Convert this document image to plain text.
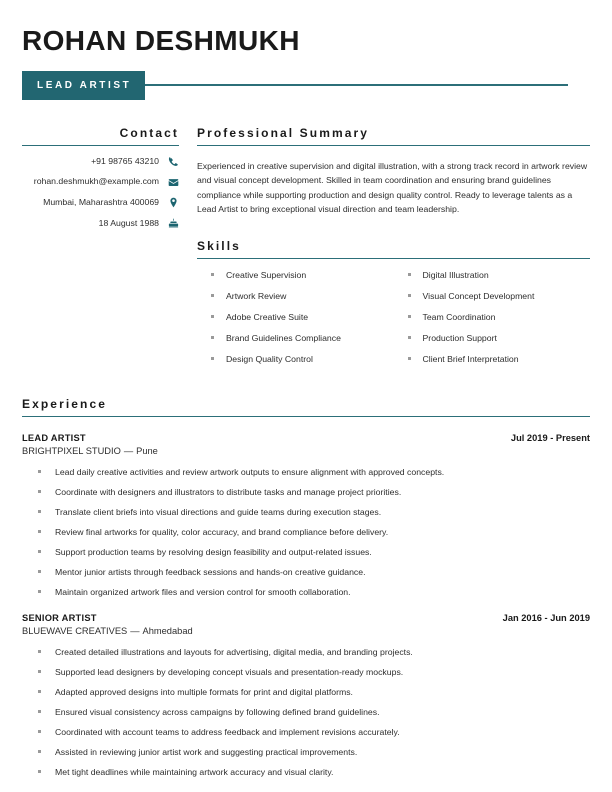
ROHAN DESHMUKH
LEAD ARTIST
Contact
+91 98765 43210
rohan.deshmukh@example.com
Mumbai, Maharashtra 400069
18 August 1988
Professional Summary
Experienced in creative supervision and digital illustration, with a strong track record in artwork review and visual concept development. Skilled in team coordination and ensuring brand guidelines compliance while supporting production and design quality control. Ready to leverage talents as a Lead Artist to bring exceptional visual direction and team leadership.
Skills
Creative Supervision
Artwork Review
Adobe Creative Suite
Brand Guidelines Compliance
Design Quality Control
Digital Illustration
Visual Concept Development
Team Coordination
Production Support
Client Brief Interpretation
Experience
LEAD ARTIST	Jul 2019 - Present
BRIGHTPIXEL STUDIO — Pune
Lead daily creative activities and review artwork outputs to ensure alignment with approved concepts.
Coordinate with designers and illustrators to distribute tasks and manage project priorities.
Translate client briefs into visual directions and guide teams during execution stages.
Review final artworks for quality, color accuracy, and brand compliance before delivery.
Support production teams by resolving design feasibility and output-related issues.
Mentor junior artists through feedback sessions and hands-on creative guidance.
Maintain organized artwork files and version control for smooth collaboration.
SENIOR ARTIST	Jan 2016 - Jun 2019
BLUEWAVE CREATIVES — Ahmedabad
Created detailed illustrations and layouts for advertising, digital media, and branding projects.
Supported lead designers by developing concept visuals and presentation-ready mockups.
Adapted approved designs into multiple formats for print and digital platforms.
Ensured visual consistency across campaigns by following defined brand guidelines.
Coordinated with account teams to address feedback and implement revisions accurately.
Assisted in reviewing junior artist work and suggesting practical improvements.
Met tight deadlines while maintaining artwork accuracy and visual clarity.
